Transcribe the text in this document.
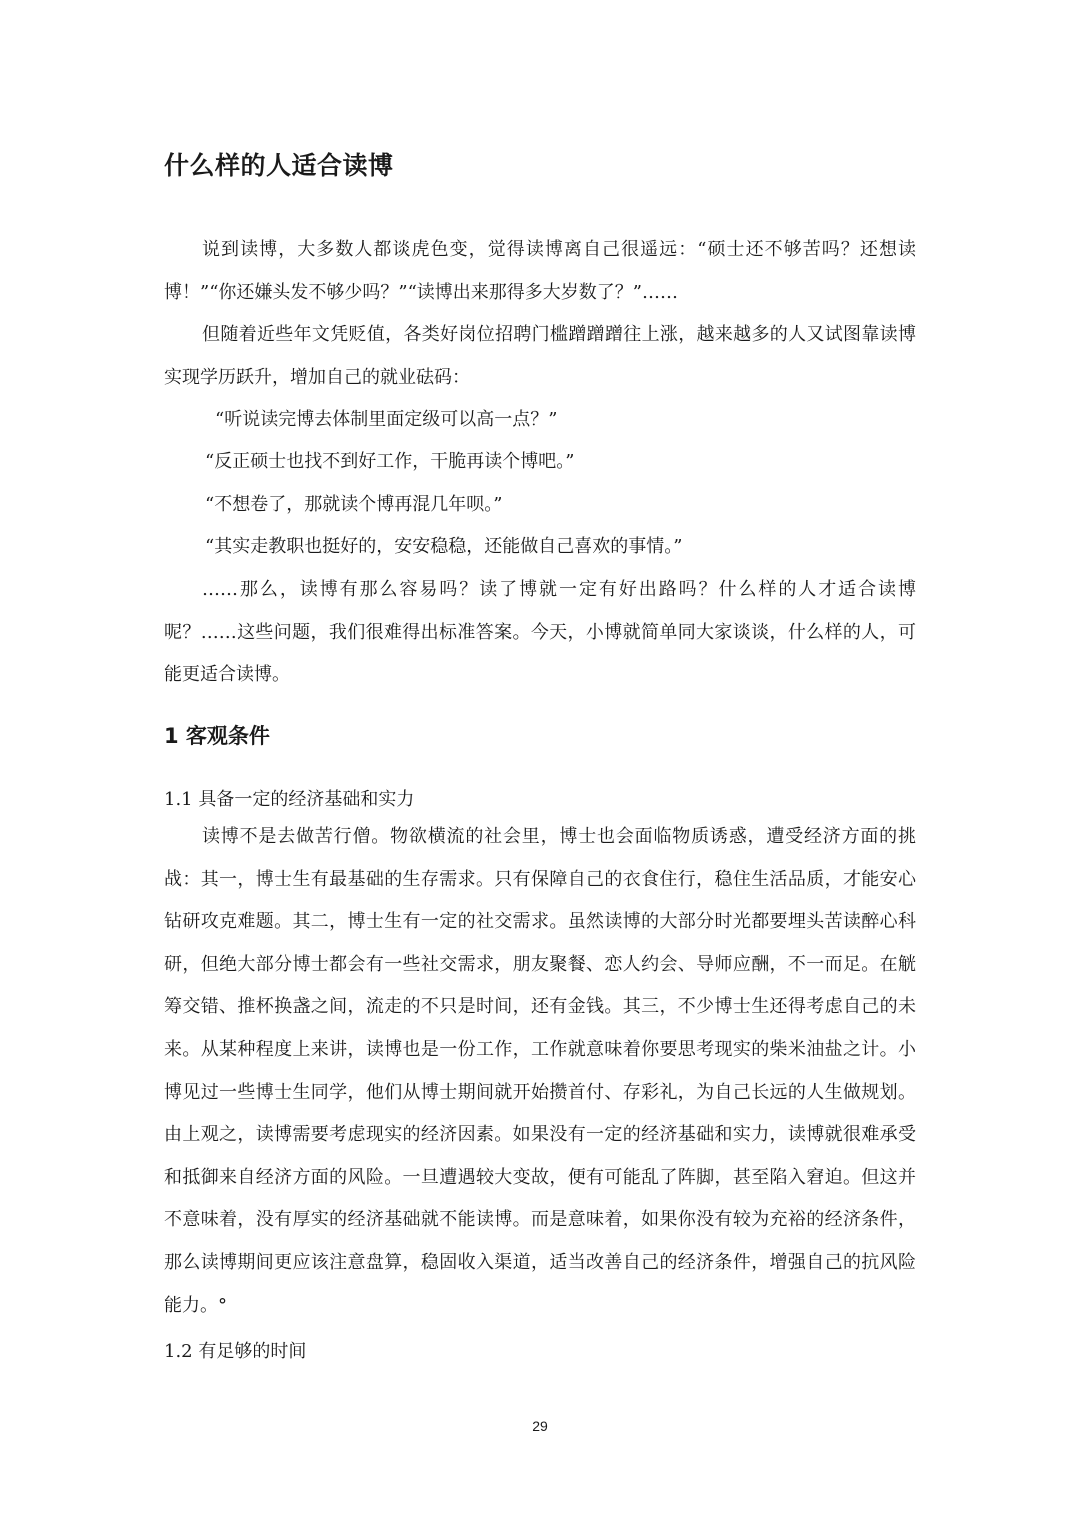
什么样的人适合读博

说到读博，大多数人都谈虎色变，觉得读博离自己很遥远：“硕士还不够苦吗？还想读博！”“你还嫌头发不够少吗？”“读博出来那得多大岁数了？”……

但随着近些年文凭贬值，各类好岗位招聘门槛蹭蹭蹭往上涨，越来越多的人又试图靠读博实现学历跃升，增加自己的就业砝码：

“听说读完博去体制里面定级可以高一点？”

“反正硕士也找不到好工作，干脆再读个博吧。”

“不想卷了，那就读个博再混几年呗。”

“其实走教职也挺好的，安安稳稳，还能做自己喜欢的事情。”

……那么，读博有那么容易吗？读了博就一定有好出路吗？什么样的人才适合读博呢？……这些问题，我们很难得出标准答案。今天，小博就简单同大家谈谈，什么样的人，可能更适合读博。

1 客观条件

1.1 具备一定的经济基础和实力

读博不是去做苦行僧。物欲横流的社会里，博士也会面临物质诱惑，遭受经济方面的挑战：其一，博士生有最基础的生存需求。只有保障自己的衣食住行，稳住生活品质，才能安心钻研攻克难题。其二，博士生有一定的社交需求。虽然读博的大部分时光都要埋头苦读醉心科研，但绝大部分博士都会有一些社交需求，朋友聚餐、恋人约会、导师应酬，不一而足。在觥筹交错、推杯换盏之间，流走的不只是时间，还有金钱。其三，不少博士生还得考虑自己的未来。从某种程度上来讲，读博也是一份工作，工作就意味着你要思考现实的柴米油盐之计。小博见过一些博士生同学，他们从博士期间就开始攒首付、存彩礼，为自己长远的人生做规划。由上观之，读博需要考虑现实的经济因素。如果没有一定的经济基础和实力，读博就很难承受和抵御来自经济方面的风险。一旦遭遇较大变故，便有可能乱了阵脚，甚至陷入窘迫。但这并不意味着，没有厚实的经济基础就不能读博。而是意味着，如果你没有较为充裕的经济条件，那么读博期间更应该注意盘算，稳固收入渠道，适当改善自己的经济条件，增强自己的抗风险能力。°

1.2 有足够的时间

29
